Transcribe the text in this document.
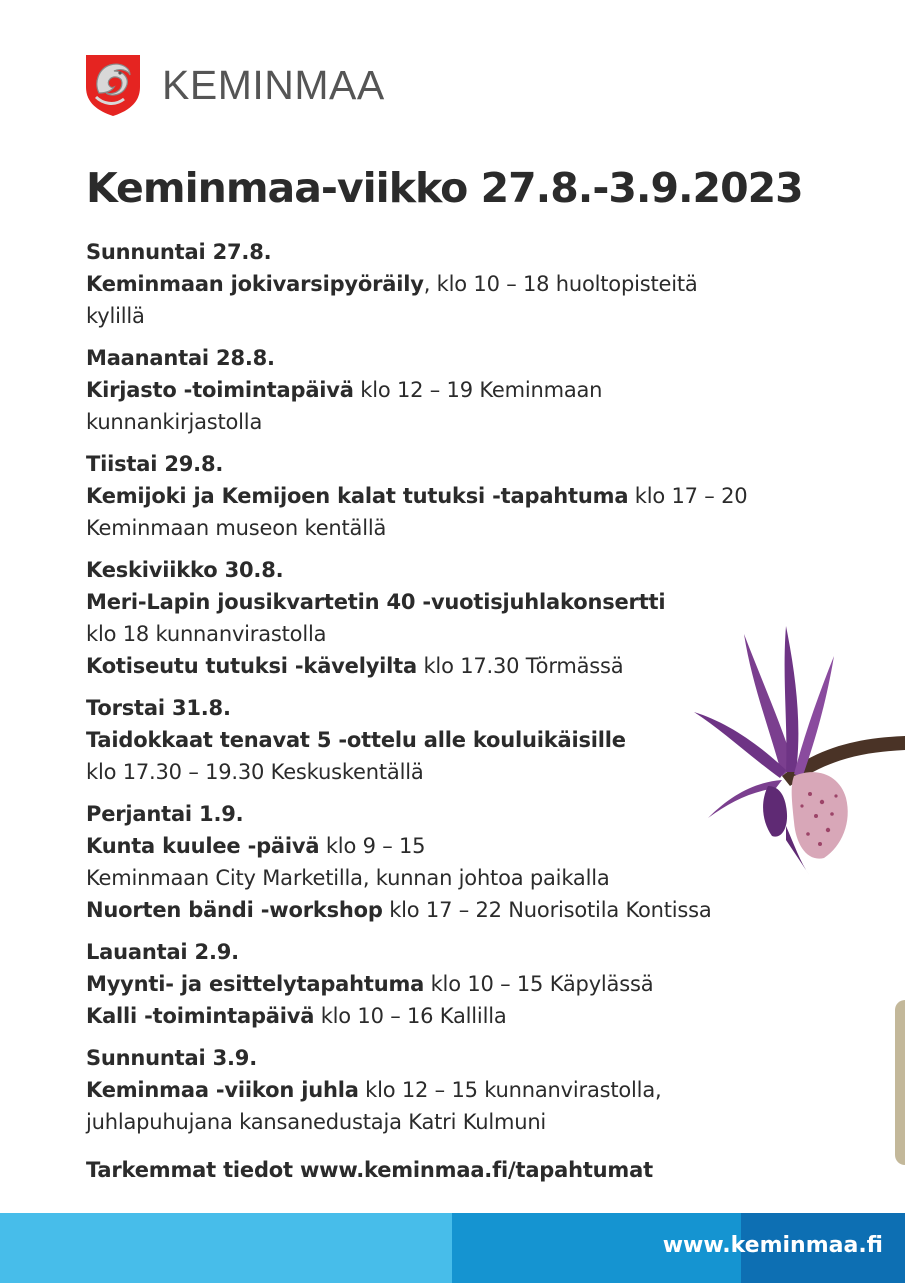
KEMINMAA
Keminmaa-viikko 27.8.-3.9.2023
Sunnuntai 27.8.
Keminmaan jokivarsipyöräily, klo 10 – 18 huoltopisteitä
kylillä
Maanantai 28.8.
Kirjasto -toimintapäivä klo 12 – 19 Keminmaan
kunnankirjastolla
Tiistai 29.8.
Kemijoki ja Kemijoen kalat tutuksi -tapahtuma klo 17 – 20
Keminmaan museon kentällä
Keskiviikko 30.8.
Meri-Lapin jousikvartetin 40 -vuotisjuhlakonsertti
klo 18 kunnanvirastolla
Kotiseutu tutuksi -kävelyilta klo 17.30 Törmässä
Torstai 31.8.
Taidokkaat tenavat 5 -ottelu alle kouluikäisille
klo 17.30 – 19.30 Keskuskentällä
Perjantai 1.9.
Kunta kuulee -päivä klo 9 – 15
Keminmaan City Marketilla, kunnan johtoa paikalla
Nuorten bändi -workshop klo 17 – 22 Nuorisotila Kontissa
Lauantai 2.9.
Myynti- ja esittelytapahtuma klo 10 – 15 Käpylässä
Kalli -toimintapäivä klo 10 – 16 Kallilla
Sunnuntai 3.9.
Keminmaa -viikon juhla klo 12 – 15 kunnanvirastolla,
juhlapuhujana kansanedustaja Katri Kulmuni
Tarkemmat tiedot www.keminmaa.fi/tapahtumat
www.keminmaa.fi
